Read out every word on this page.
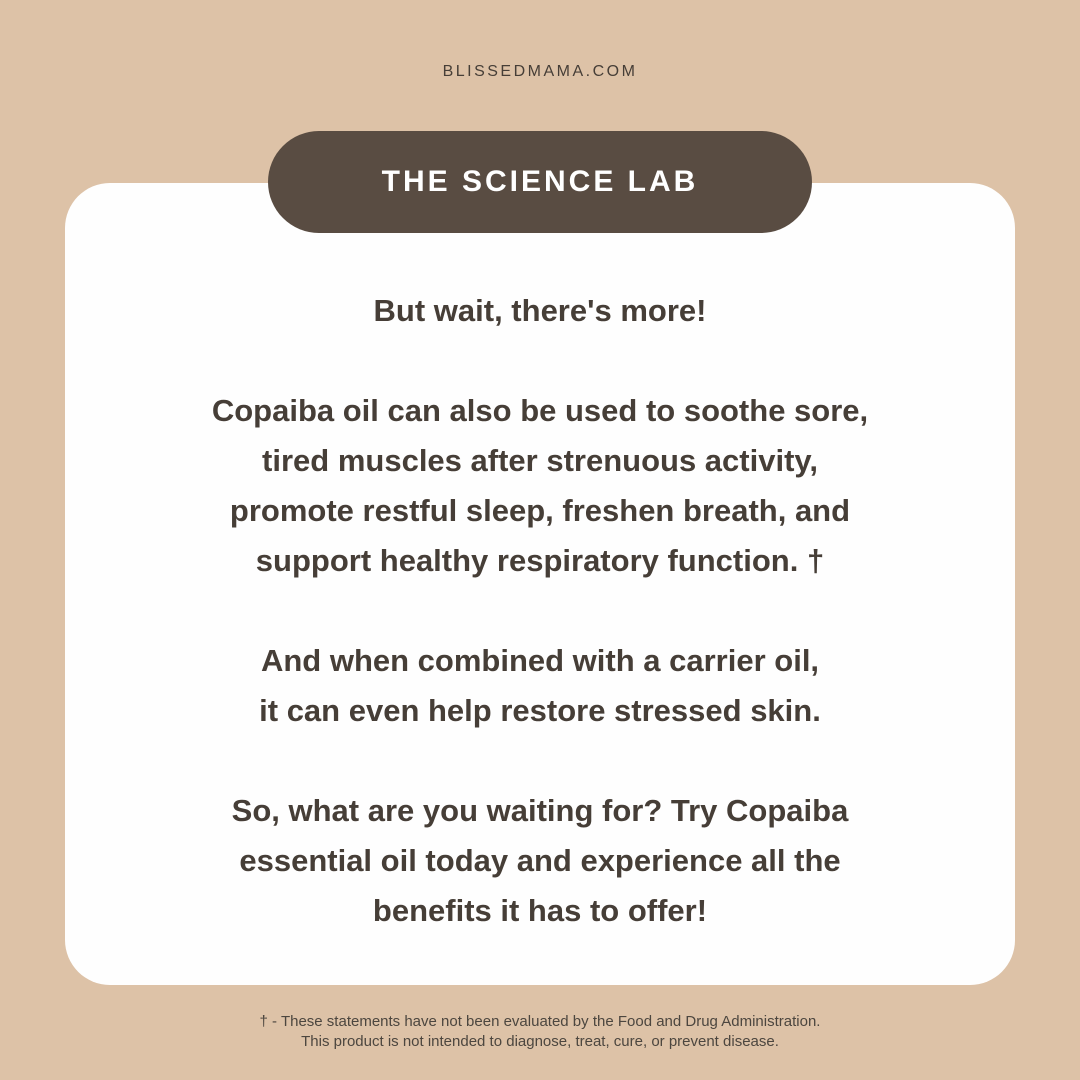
BLISSEDMAMA.COM
THE SCIENCE LAB
But wait, there's more!
Copaiba oil can also be used to soothe sore,
tired muscles after strenuous activity,
promote restful sleep, freshen breath, and
support healthy respiratory function. †
And when combined with a carrier oil,
it can even help restore stressed skin.
So, what are you waiting for? Try Copaiba
essential oil today and experience all the
benefits it has to offer!
† - These statements have not been evaluated by the Food and Drug Administration.
This product is not intended to diagnose, treat, cure, or prevent disease.
